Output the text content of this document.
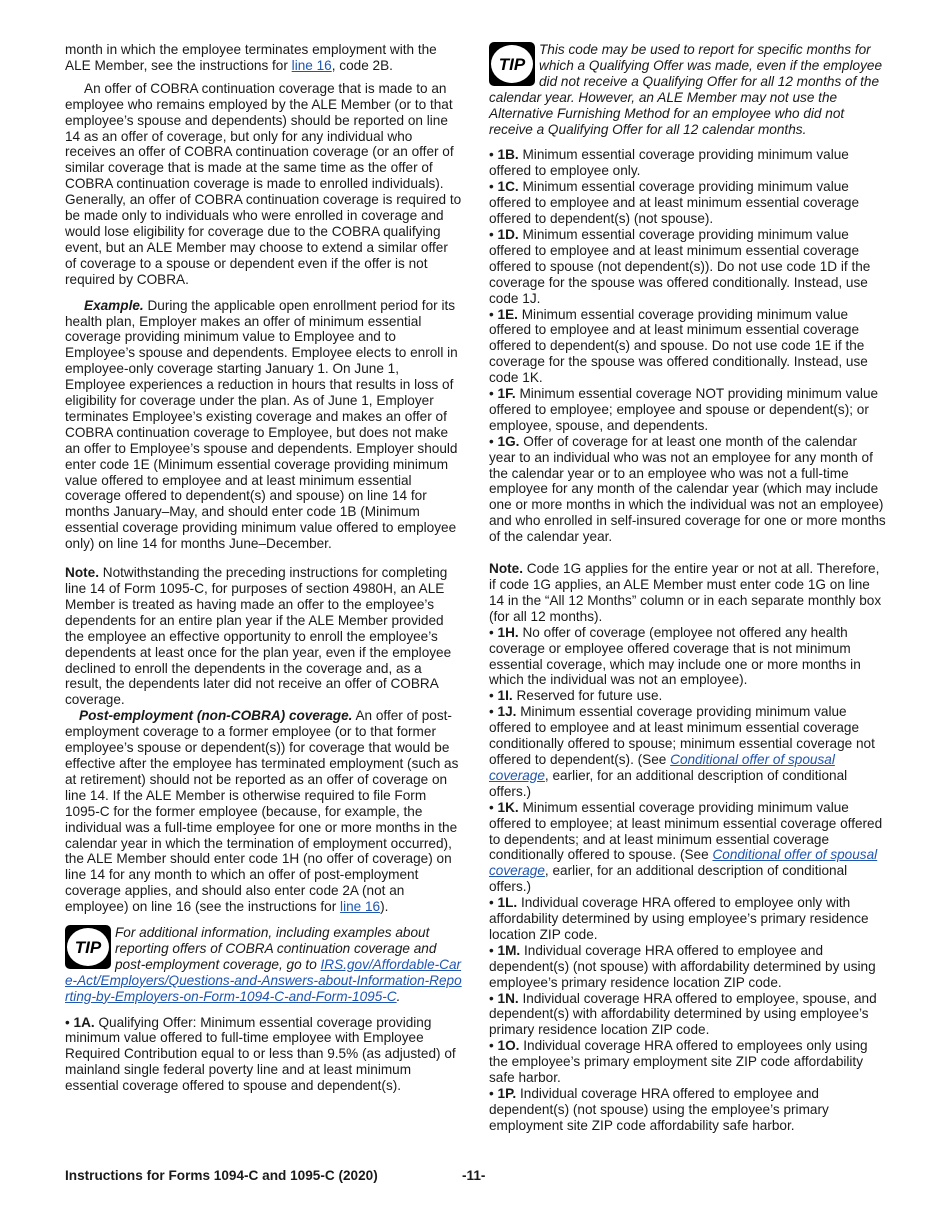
month in which the employee terminates employment with the ALE Member, see the instructions for line 16, code 2B.

An offer of COBRA continuation coverage that is made to an employee who remains employed by the ALE Member (or to that employee’s spouse and dependents) should be reported on line 14 as an offer of coverage, but only for any individual who receives an offer of COBRA continuation coverage (or an offer of similar coverage that is made at the same time as the offer of COBRA continuation coverage is made to enrolled individuals). Generally, an offer of COBRA continuation coverage is required to be made only to individuals who were enrolled in coverage and would lose eligibility for coverage due to the COBRA qualifying event, but an ALE Member may choose to extend a similar offer of coverage to a spouse or dependent even if the offer is not required by COBRA.

Example. During the applicable open enrollment period for its health plan, Employer makes an offer of minimum essential coverage providing minimum value to Employee and to Employee’s spouse and dependents. Employee elects to enroll in employee-only coverage starting January 1. On June 1, Employee experiences a reduction in hours that results in loss of eligibility for coverage under the plan. As of June 1, Employer terminates Employee’s existing coverage and makes an offer of COBRA continuation coverage to Employee, but does not make an offer to Employee’s spouse and dependents. Employer should enter code 1E (Minimum essential coverage providing minimum value offered to employee and at least minimum essential coverage offered to dependent(s) and spouse) on line 14 for months January–May, and should enter code 1B (Minimum essential coverage providing minimum value offered to employee only) on line 14 for months June–December.

Note. Notwithstanding the preceding instructions for completing line 14 of Form 1095-C, for purposes of section 4980H, an ALE Member is treated as having made an offer to the employee’s dependents for an entire plan year if the ALE Member provided the employee an effective opportunity to enroll the employee’s dependents at least once for the plan year, even if the employee declined to enroll the dependents in the coverage and, as a result, the dependents later did not receive an offer of COBRA coverage.

Post-employment (non-COBRA) coverage. An offer of post-employment coverage to a former employee (or to that former employee’s spouse or dependent(s)) for coverage that would be effective after the employee has terminated employment (such as at retirement) should not be reported as an offer of coverage on line 14. If the ALE Member is otherwise required to file Form 1095-C for the former employee (because, for example, the individual was a full-time employee for one or more months in the calendar year in which the termination of employment occurred), the ALE Member should enter code 1H (no offer of coverage) on line 14 for any month to which an offer of post-employment coverage applies, and should also enter code 2A (not an employee) on line 16 (see the instructions for line 16).

TIP
For additional information, including examples about reporting offers of COBRA continuation coverage and post-employment coverage, go to IRS.gov/Affordable-Care-Act/Employers/Questions-and-Answers-about-Information-Reporting-by-Employers-on-Form-1094-C-and-Form-1095-C.

• 1A. Qualifying Offer: Minimum essential coverage providing minimum value offered to full-time employee with Employee Required Contribution equal to or less than 9.5% (as adjusted) of mainland single federal poverty line and at least minimum essential coverage offered to spouse and dependent(s).

TIP
This code may be used to report for specific months for which a Qualifying Offer was made, even if the employee did not receive a Qualifying Offer for all 12 months of the calendar year. However, an ALE Member may not use the Alternative Furnishing Method for an employee who did not receive a Qualifying Offer for all 12 calendar months.

• 1B. Minimum essential coverage providing minimum value offered to employee only.

• 1C. Minimum essential coverage providing minimum value offered to employee and at least minimum essential coverage offered to dependent(s) (not spouse).

• 1D. Minimum essential coverage providing minimum value offered to employee and at least minimum essential coverage offered to spouse (not dependent(s)). Do not use code 1D if the coverage for the spouse was offered conditionally. Instead, use code 1J.

• 1E. Minimum essential coverage providing minimum value offered to employee and at least minimum essential coverage offered to dependent(s) and spouse. Do not use code 1E if the coverage for the spouse was offered conditionally. Instead, use code 1K.

• 1F. Minimum essential coverage NOT providing minimum value offered to employee; employee and spouse or dependent(s); or employee, spouse, and dependents.

• 1G. Offer of coverage for at least one month of the calendar year to an individual who was not an employee for any month of the calendar year or to an employee who was not a full-time employee for any month of the calendar year (which may include one or more months in which the individual was not an employee) and who enrolled in self-insured coverage for one or more months of the calendar year.

Note. Code 1G applies for the entire year or not at all. Therefore, if code 1G applies, an ALE Member must enter code 1G on line 14 in the “All 12 Months” column or in each separate monthly box (for all 12 months).

• 1H. No offer of coverage (employee not offered any health coverage or employee offered coverage that is not minimum essential coverage, which may include one or more months in which the individual was not an employee).

• 1I. Reserved for future use.

• 1J. Minimum essential coverage providing minimum value offered to employee and at least minimum essential coverage conditionally offered to spouse; minimum essential coverage not offered to dependent(s). (See Conditional offer of spousal coverage, earlier, for an additional description of conditional offers.)

• 1K. Minimum essential coverage providing minimum value offered to employee; at least minimum essential coverage offered to dependents; and at least minimum essential coverage conditionally offered to spouse. (See Conditional offer of spousal coverage, earlier, for an additional description of conditional offers.)

• 1L. Individual coverage HRA offered to employee only with affordability determined by using employee’s primary residence location ZIP code.

• 1M. Individual coverage HRA offered to employee and dependent(s) (not spouse) with affordability determined by using employee’s primary residence location ZIP code.

• 1N. Individual coverage HRA offered to employee, spouse, and dependent(s) with affordability determined by using employee’s primary residence location ZIP code.

• 1O. Individual coverage HRA offered to employees only using the employee’s primary employment site ZIP code affordability safe harbor.

• 1P. Individual coverage HRA offered to employee and dependent(s) (not spouse) using the employee’s primary employment site ZIP code affordability safe harbor.

Instructions for Forms 1094-C and 1095-C (2020)	-11-
